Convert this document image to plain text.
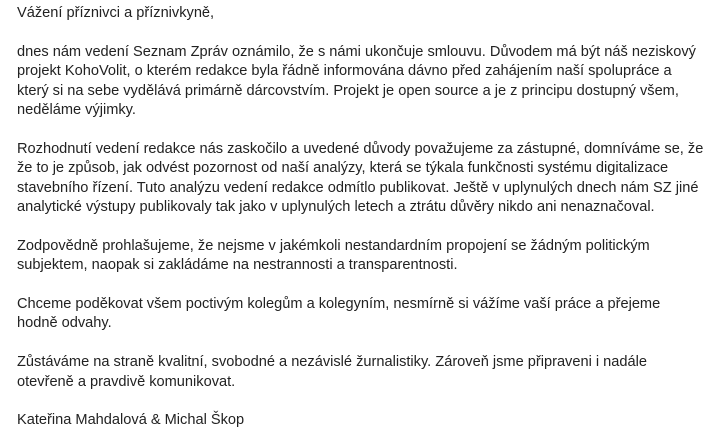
Vážení příznivci a příznivkyně,

dnes nám vedení Seznam Zpráv oznámilo, že s námi ukončuje smlouvu. Důvodem má být náš neziskový
projekt KohoVolit, o kterém redakce byla řádně informována dávno před zahájením naší spolupráce a
který si na sebe vydělává primárně dárcovstvím. Projekt je open source a je z principu dostupný všem,
neděláme výjimky.

Rozhodnutí vedení redakce nás zaskočilo a uvedené důvody považujeme za zástupné, domníváme se, že
že to je způsob, jak odvést pozornost od naší analýzy, která se týkala funkčnosti systému digitalizace
stavebního řízení. Tuto analýzu vedení redakce odmítlo publikovat. Ještě v uplynulých dnech nám SZ jiné
analytické výstupy publikovaly tak jako v uplynulých letech a ztrátu důvěry nikdo ani nenaznačoval.

Zodpovědně prohlašujeme, že nejsme v jakémkoli nestandardním propojení se žádným politickým
subjektem, naopak si zakládáme na nestrannosti a transparentnosti.

Chceme poděkovat všem poctivým kolegům a kolegyním, nesmírně si vážíme vaší práce a přejeme
hodně odvahy.

Zůstáváme na straně kvalitní, svobodné a nezávislé žurnalistiky. Zároveň jsme připraveni i nadále
otevřeně a pravdivě komunikovat.

Kateřina Mahdalová & Michal Škop
